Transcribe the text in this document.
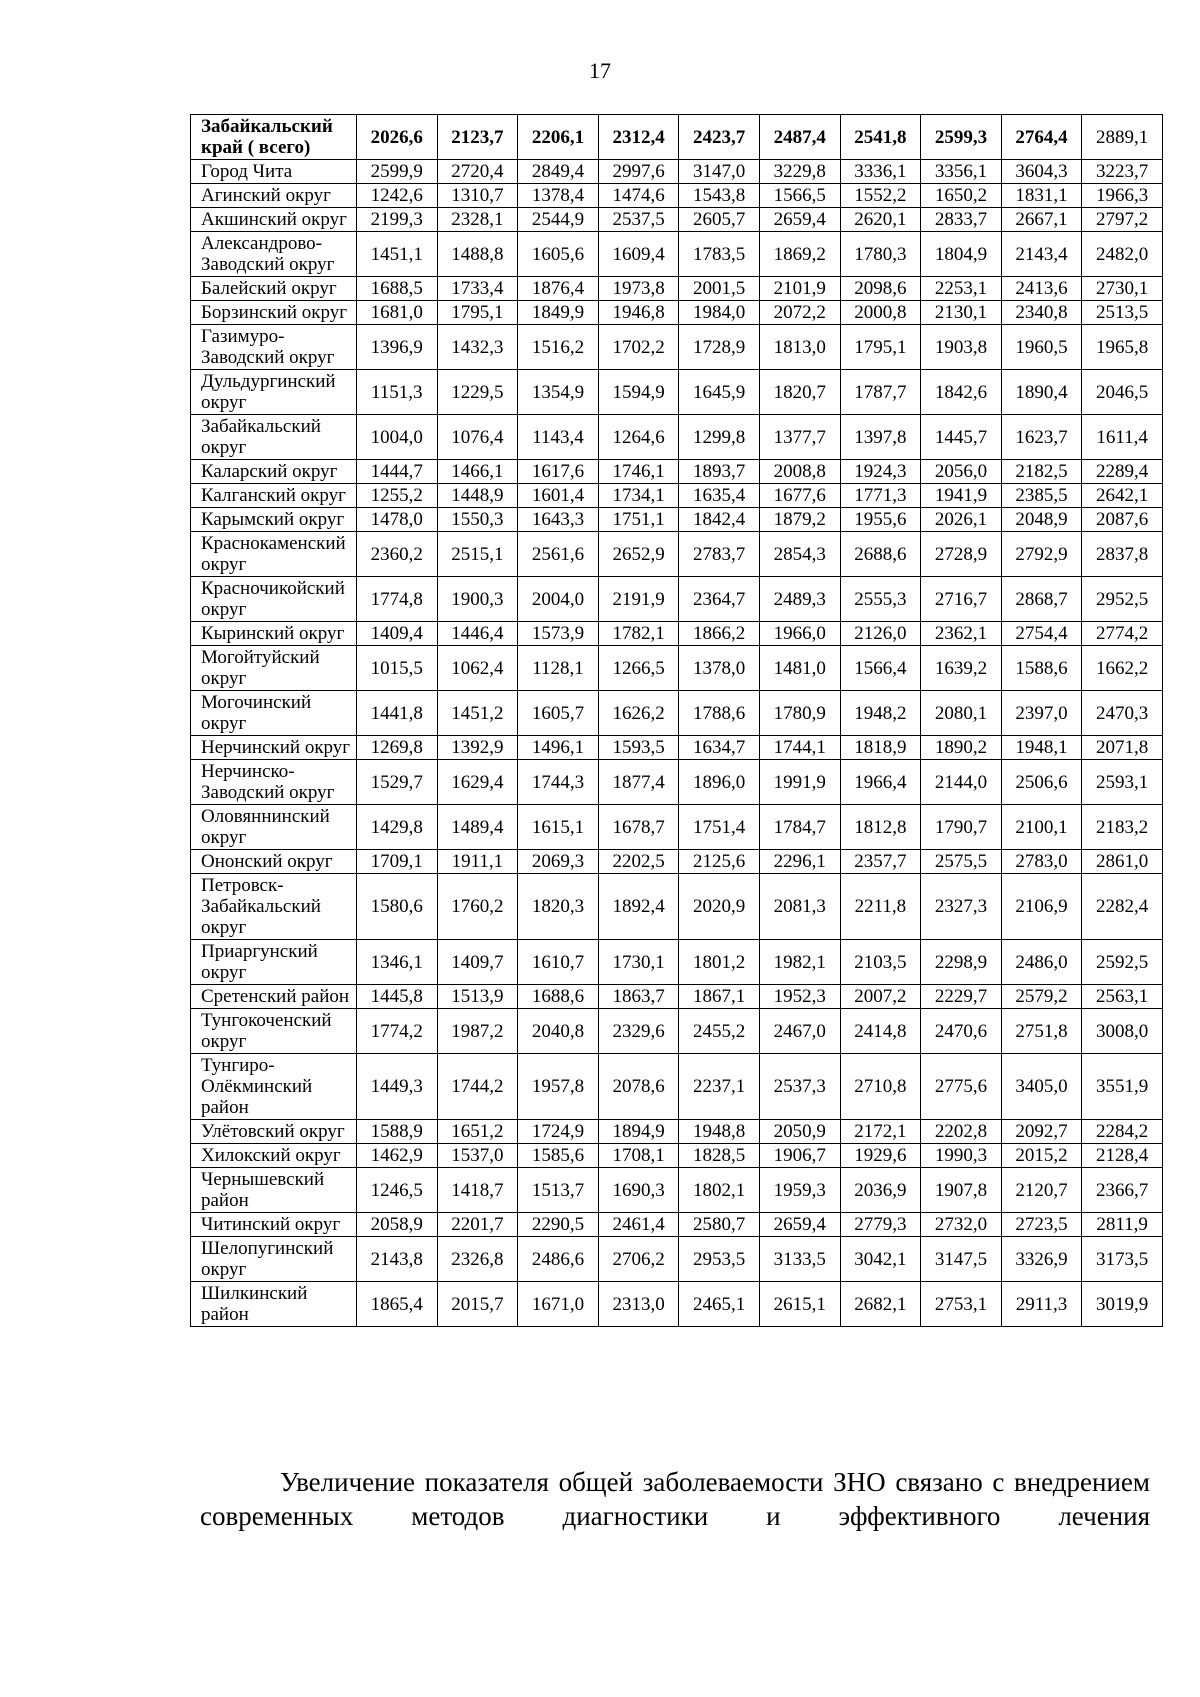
17
Забайкальский край ( всего)	2026,6	2123,7	2206,1	2312,4	2423,7	2487,4	2541,8	2599,3	2764,4	2889,1
Город Чита	2599,9	2720,4	2849,4	2997,6	3147,0	3229,8	3336,1	3356,1	3604,3	3223,7
Агинский округ	1242,6	1310,7	1378,4	1474,6	1543,8	1566,5	1552,2	1650,2	1831,1	1966,3
Акшинский округ	2199,3	2328,1	2544,9	2537,5	2605,7	2659,4	2620,1	2833,7	2667,1	2797,2
Александрово-Заводский округ	1451,1	1488,8	1605,6	1609,4	1783,5	1869,2	1780,3	1804,9	2143,4	2482,0
Балейский округ	1688,5	1733,4	1876,4	1973,8	2001,5	2101,9	2098,6	2253,1	2413,6	2730,1
Борзинский округ	1681,0	1795,1	1849,9	1946,8	1984,0	2072,2	2000,8	2130,1	2340,8	2513,5
Газимуро-Заводский округ	1396,9	1432,3	1516,2	1702,2	1728,9	1813,0	1795,1	1903,8	1960,5	1965,8
Дульдургинский округ	1151,3	1229,5	1354,9	1594,9	1645,9	1820,7	1787,7	1842,6	1890,4	2046,5
Забайкальский округ	1004,0	1076,4	1143,4	1264,6	1299,8	1377,7	1397,8	1445,7	1623,7	1611,4
Каларский округ	1444,7	1466,1	1617,6	1746,1	1893,7	2008,8	1924,3	2056,0	2182,5	2289,4
Калганский округ	1255,2	1448,9	1601,4	1734,1	1635,4	1677,6	1771,3	1941,9	2385,5	2642,1
Карымский округ	1478,0	1550,3	1643,3	1751,1	1842,4	1879,2	1955,6	2026,1	2048,9	2087,6
Краснокаменский округ	2360,2	2515,1	2561,6	2652,9	2783,7	2854,3	2688,6	2728,9	2792,9	2837,8
Красночикойский округ	1774,8	1900,3	2004,0	2191,9	2364,7	2489,3	2555,3	2716,7	2868,7	2952,5
Кыринский округ	1409,4	1446,4	1573,9	1782,1	1866,2	1966,0	2126,0	2362,1	2754,4	2774,2
Могойтуйский округ	1015,5	1062,4	1128,1	1266,5	1378,0	1481,0	1566,4	1639,2	1588,6	1662,2
Могочинский округ	1441,8	1451,2	1605,7	1626,2	1788,6	1780,9	1948,2	2080,1	2397,0	2470,3
Нерчинский округ	1269,8	1392,9	1496,1	1593,5	1634,7	1744,1	1818,9	1890,2	1948,1	2071,8
Нерчинско-Заводский округ	1529,7	1629,4	1744,3	1877,4	1896,0	1991,9	1966,4	2144,0	2506,6	2593,1
Оловяннинский округ	1429,8	1489,4	1615,1	1678,7	1751,4	1784,7	1812,8	1790,7	2100,1	2183,2
Ононский округ	1709,1	1911,1	2069,3	2202,5	2125,6	2296,1	2357,7	2575,5	2783,0	2861,0
Петровск-Забайкальский округ	1580,6	1760,2	1820,3	1892,4	2020,9	2081,3	2211,8	2327,3	2106,9	2282,4
Приаргунский округ	1346,1	1409,7	1610,7	1730,1	1801,2	1982,1	2103,5	2298,9	2486,0	2592,5
Сретенский район	1445,8	1513,9	1688,6	1863,7	1867,1	1952,3	2007,2	2229,7	2579,2	2563,1
Тунгокоченский округ	1774,2	1987,2	2040,8	2329,6	2455,2	2467,0	2414,8	2470,6	2751,8	3008,0
Тунгиро-Олёкминский район	1449,3	1744,2	1957,8	2078,6	2237,1	2537,3	2710,8	2775,6	3405,0	3551,9
Улётовский округ	1588,9	1651,2	1724,9	1894,9	1948,8	2050,9	2172,1	2202,8	2092,7	2284,2
Хилокский округ	1462,9	1537,0	1585,6	1708,1	1828,5	1906,7	1929,6	1990,3	2015,2	2128,4
Чернышевский район	1246,5	1418,7	1513,7	1690,3	1802,1	1959,3	2036,9	1907,8	2120,7	2366,7
Читинский округ	2058,9	2201,7	2290,5	2461,4	2580,7	2659,4	2779,3	2732,0	2723,5	2811,9
Шелопугинский округ	2143,8	2326,8	2486,6	2706,2	2953,5	3133,5	3042,1	3147,5	3326,9	3173,5
Шилкинский район	1865,4	2015,7	1671,0	2313,0	2465,1	2615,1	2682,1	2753,1	2911,3	3019,9

Увеличение показателя общей заболеваемости ЗНО связано с внедрением современных методов диагностики и эффективного лечения
